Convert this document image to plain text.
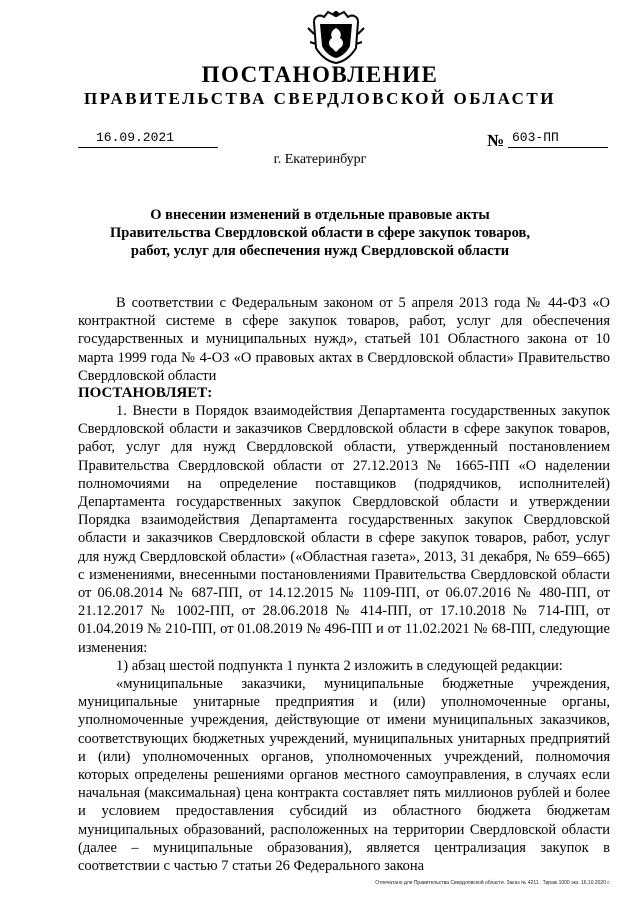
ПОСТАНОВЛЕНИЕ
ПРАВИТЕЛЬСТВА СВЕРДЛОВСКОЙ ОБЛАСТИ
16.09.2021	№ 603-ПП
г. Екатеринбург
О внесении изменений в отдельные правовые акты
Правительства Свердловской области в сфере закупок товаров,
работ, услуг для обеспечения нужд Свердловской области

В соответствии с Федеральным законом от 5 апреля 2013 года № 44-ФЗ «О контрактной системе в сфере закупок товаров, работ, услуг для обеспечения государственных и муниципальных нужд», статьей 101 Областного закона от 10 марта 1999 года № 4-ОЗ «О правовых актах в Свердловской области» Правительство Свердловской области

ПОСТАНОВЛЯЕТ:

1. Внести в Порядок взаимодействия Департамента государственных закупок Свердловской области и заказчиков Свердловской области в сфере закупок товаров, работ, услуг для нужд Свердловской области, утвержденный постановлением Правительства Свердловской области от 27.12.2013 № 1665-ПП «О наделении полномочиями на определение поставщиков (подрядчиков, исполнителей) Департамента государственных закупок Свердловской области и утверждении Порядка взаимодействия Департамента государственных закупок Свердловской области и заказчиков Свердловской области в сфере закупок товаров, работ, услуг для нужд Свердловской области» («Областная газета», 2013, 31 декабря, № 659–665) с изменениями, внесенными постановлениями Правительства Свердловской области от 06.08.2014 № 687-ПП, от 14.12.2015 № 1109-ПП, от 06.07.2016 № 480-ПП, от 21.12.2017 № 1002-ПП, от 28.06.2018 № 414-ПП, от 17.10.2018 № 714-ПП, от 01.04.2019 № 210-ПП, от 01.08.2019 № 496-ПП и от 11.02.2021 № 68-ПП, следующие изменения:

1) абзац шестой подпункта 1 пункта 2 изложить в следующей редакции:

«муниципальные заказчики, муниципальные бюджетные учреждения, муниципальные унитарные предприятия и (или) уполномоченные органы, уполномоченные учреждения, действующие от имени муниципальных заказчиков, соответствующих бюджетных учреждений, муниципальных унитарных предприятий и (или) уполномоченных органов, уполномоченных учреждений, полномочия которых определены решениями органов местного самоуправления, в случаях если начальная (максимальная) цена контракта составляет пять миллионов рублей и более и условием предоставления субсидий из областного бюджета бюджетам муниципальных образований, расположенных на территории Свердловской области (далее – муниципальные образования), является централизация закупок в соответствии с частью 7 статьи 26 Федерального закона

Отпечатано для Правительства Свердловской области. Заказ № 4211 . Тираж 1000 экз. 16.10.2020 г.
